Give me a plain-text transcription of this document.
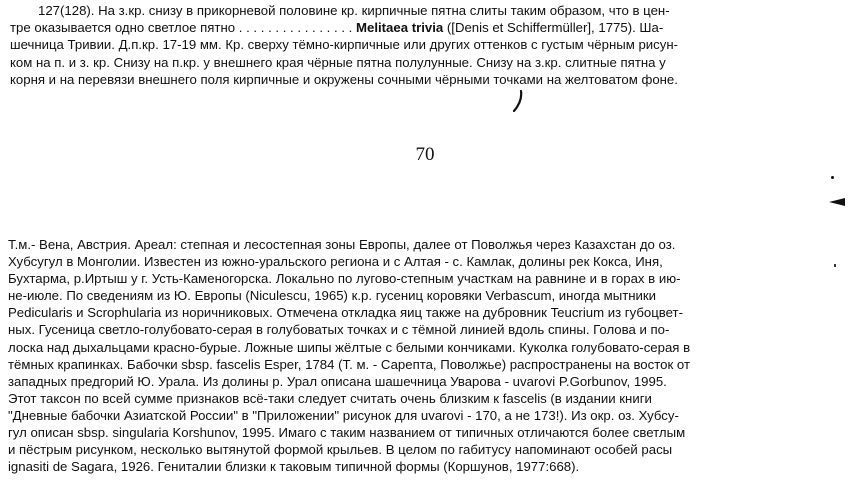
127(128). На з.кр. снизу в прикорневой половине кр. кирпичные пятна слиты таким образом, что в цен-
тре оказывается одно светлое пятно . . . . . . . . . . . . . . . . Melitaea trivia ([Denis et Schiffermüller], 1775). Ша-
шечница Тривии. Д.п.кр. 17-19 мм. Кр. сверху тёмно-кирпичные или других оттенков с густым чёрным рисун-
ком на п. и з. кр. Снизу на п.кр. у внешнего края чёрные пятна полулунные. Снизу на з.кр. слитные пятна у
корня и на перевязи внешнего поля кирпичные и окружены сочными чёрными точками на желтоватом фоне.
70
Т.м.- Вена, Австрия. Ареал: степная и лесостепная зоны Европы, далее от Поволжья через Казахстан до оз.
Хубсугул в Монголии. Известен из южно-уральского региона и с Алтая - с. Камлак, долины рек Кокса, Иня,
Бухтарма, р.Иртыш у г. Усть-Каменогорска. Локально по лугово-степным участкам на равнине и в горах в ию-
не-июле. По сведениям из Ю. Европы (Niculescu, 1965) к.р. гусениц коровяки Verbascum, иногда мытники
Pedicularis и Scrophularia из норичниковых. Отмечена откладка яиц также на дубровник Teucrium из губоцвет-
ных. Гусеница светло-голубовато-серая в голубоватых точках и с тёмной линией вдоль спины. Голова и по-
лоска над дыхальцами красно-бурые. Ложные шипы жёлтые с белыми кончиками. Куколка голубовато-серая в
тёмных крапинках. Бабочки sbsp. fascelis Esper, 1784 (Т. м. - Сарепта, Поволжье) распространены на восток от
западных предгорий Ю. Урала. Из долины р. Урал описана шашечница Уварова - uvarovi P.Gorbunov, 1995.
Этот таксон по всей сумме признаков всё-таки следует считать очень близким к fascelis (в издании книги
"Дневные бабочки Азиатской России" в "Приложении" рисунок для uvarovi - 170, а не 173!). Из окр. оз. Хубсу-
гул описан sbsp. singularia Korshunov, 1995. Имаго с таким названием от типичных отличаются более светлым
и пёстрым рисунком, несколько вытянутой формой крыльев. В целом по габитусу напоминают особей расы
ignasiti de Sagara, 1926. Гениталии близки к таковым типичной формы (Коршунов, 1977:668).
